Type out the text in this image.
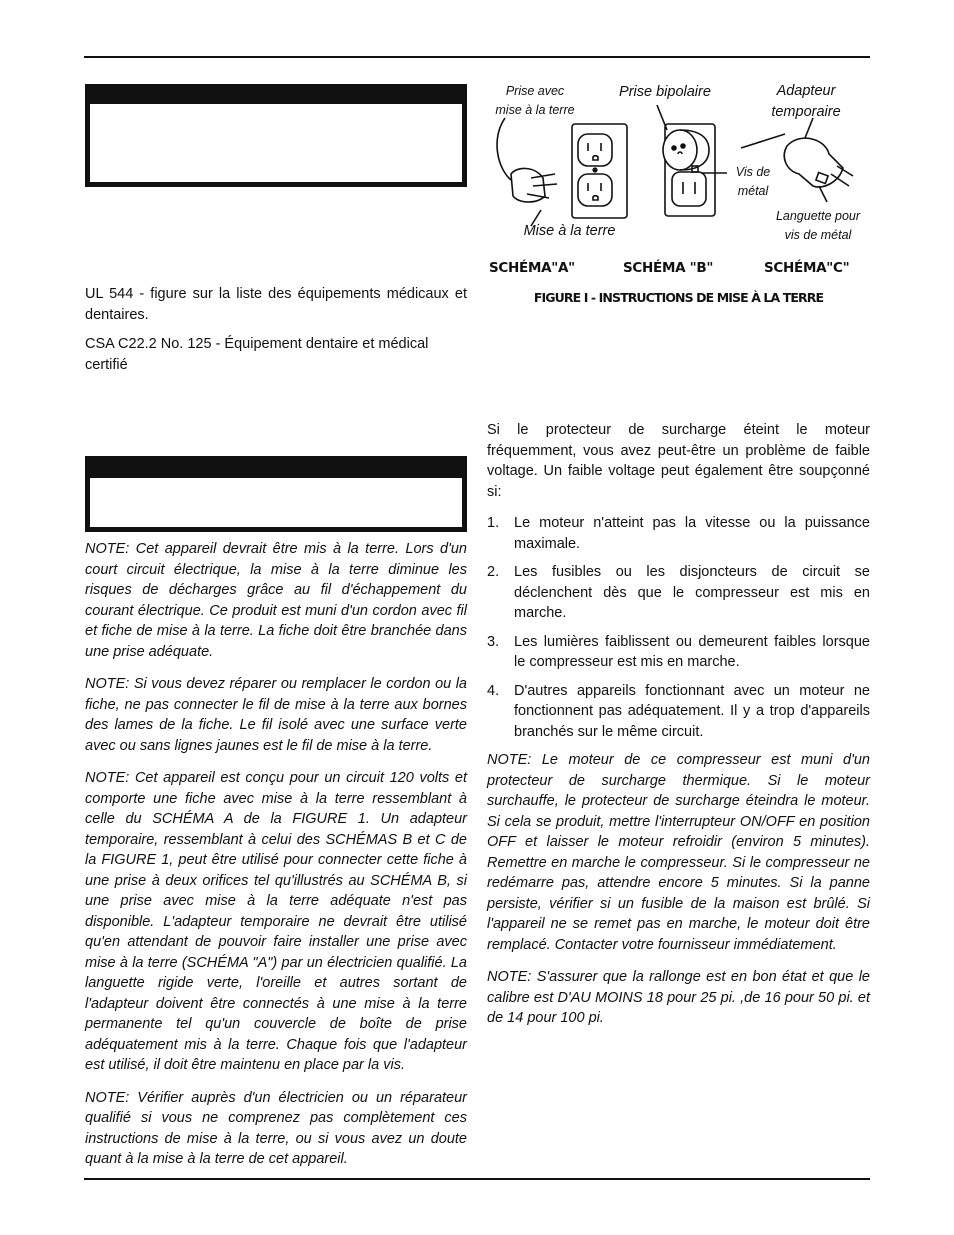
UL 544 - figure sur la liste des équipements médicaux et dentaires.

CSA C22.2 No. 125 - Équipement dentaire et médical certifié

NOTE: Cet appareil devrait être mis à la terre. Lors d'un court circuit électrique, la mise à la terre diminue les risques de décharges grâce au fil d'échappement du courant électrique. Ce produit est muni d'un cordon avec fil et fiche de mise à la terre. La fiche doit être branchée dans une prise adéquate.

NOTE: Si vous devez réparer ou remplacer le cordon ou la fiche, ne pas connecter le fil de mise à la terre aux bornes des lames de la fiche. Le fil isolé avec une surface verte avec ou sans lignes jaunes est le fil de mise à la terre.

NOTE: Cet appareil est conçu pour un circuit 120 volts et comporte une fiche avec mise à la terre ressemblant à celle du SCHÉMA A de la FIGURE 1. Un adapteur temporaire, ressemblant à celui des SCHÉMAS B et C de la FIGURE 1, peut être utilisé pour connecter cette fiche à une prise à deux orifices tel qu'illustrés au SCHÉMA B, si une prise avec mise à la terre adéquate n'est pas disponible. L'adapteur temporaire ne devrait être utilisé qu'en attendant de pouvoir faire installer une prise avec mise à la terre (SCHÉMA "A") par un électricien qualifié. La languette rigide verte, l'oreille et autres sortant de l'adapteur doivent être connectés à une mise à la terre permanente tel qu'un couvercle de boîte de prise adéquatement mis à la terre. Chaque fois que l'adapteur est utilisé, il doit être maintenu en place par la vis.

NOTE: Vérifier auprès d'un électricien ou un réparateur qualifié si vous ne comprenez pas complètement ces instructions de mise à la terre, ou si vous avez un doute quant à la mise à la terre de cet appareil.

Prise avec
mise à la terre
Prise bipolaire	Adapteur
temporaire
Vis de
métal
Mise à la terre
Languette pour
vis de métal
SCHÉMA"A"	SCHÉMA "B"	SCHÉMA"C"
FIGURE I - INSTRUCTIONS DE MISE À LA TERRE

Si le protecteur de surcharge éteint le moteur fréquemment, vous avez peut-être un problème de faible voltage. Un faible voltage peut également être soupçonné si:

1. Le moteur n'atteint pas la vitesse ou la puissance maximale.
2. Les fusibles ou les disjoncteurs de circuit se déclenchent dès que le compresseur est mis en marche.
3. Les lumières faiblissent ou demeurent faibles lorsque le compresseur est mis en marche.
4. D'autres appareils fonctionnant avec un moteur ne fonctionnent pas adéquatement. Il y a trop d'appareils branchés sur le même circuit.

NOTE: Le moteur de ce compresseur est muni d'un protecteur de surcharge thermique. Si le moteur surchauffe, le protecteur de surcharge éteindra le moteur. Si cela se produit, mettre l'interrupteur ON/OFF en position OFF et laisser le moteur refroidir (environ 5 minutes). Remettre en marche le compresseur. Si le compresseur ne redémarre pas, attendre encore 5 minutes. Si la panne persiste, vérifier si un fusible de la maison est brûlé. Si l'appareil ne se remet pas en marche, le moteur doit être remplacé. Contacter votre fournisseur immédiatement.

NOTE: S'assurer que la rallonge est en bon état et que le calibre est D'AU MOINS 18 pour 25 pi. ,de 16 pour 50 pi. et de 14 pour 100 pi.
